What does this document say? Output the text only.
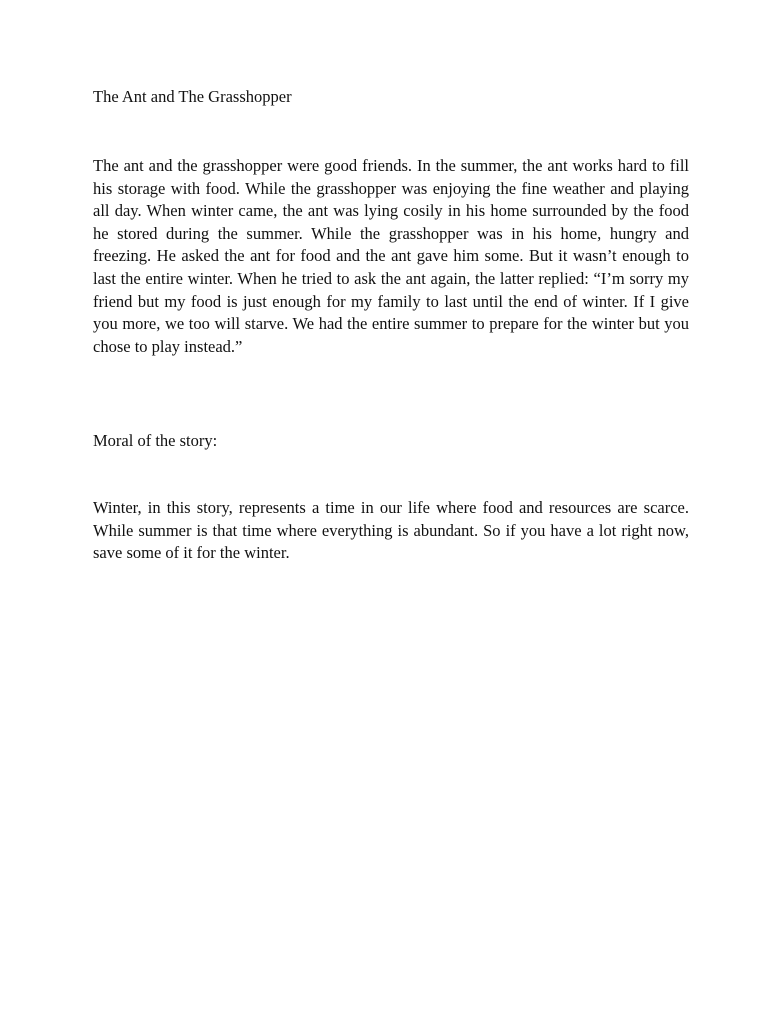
The Ant and The Grasshopper

The ant and the grasshopper were good friends. In the summer, the ant works hard to fill his storage with food. While the grasshopper was enjoying the fine weather and playing all day. When winter came, the ant was lying cosily in his home surrounded by the food he stored during the summer. While the grasshopper was in his home, hungry and freezing. He asked the ant for food and the ant gave him some. But it wasn’t enough to last the entire winter. When he tried to ask the ant again, the latter replied: “I’m sorry my friend but my food is just enough for my family to last until the end of winter. If I give you more, we too will starve. We had the entire summer to prepare for the winter but you chose to play instead.”

Moral of the story:

Winter, in this story, represents a time in our life where food and resources are scarce. While summer is that time where everything is abundant. So if you have a lot right now, save some of it for the winter.
